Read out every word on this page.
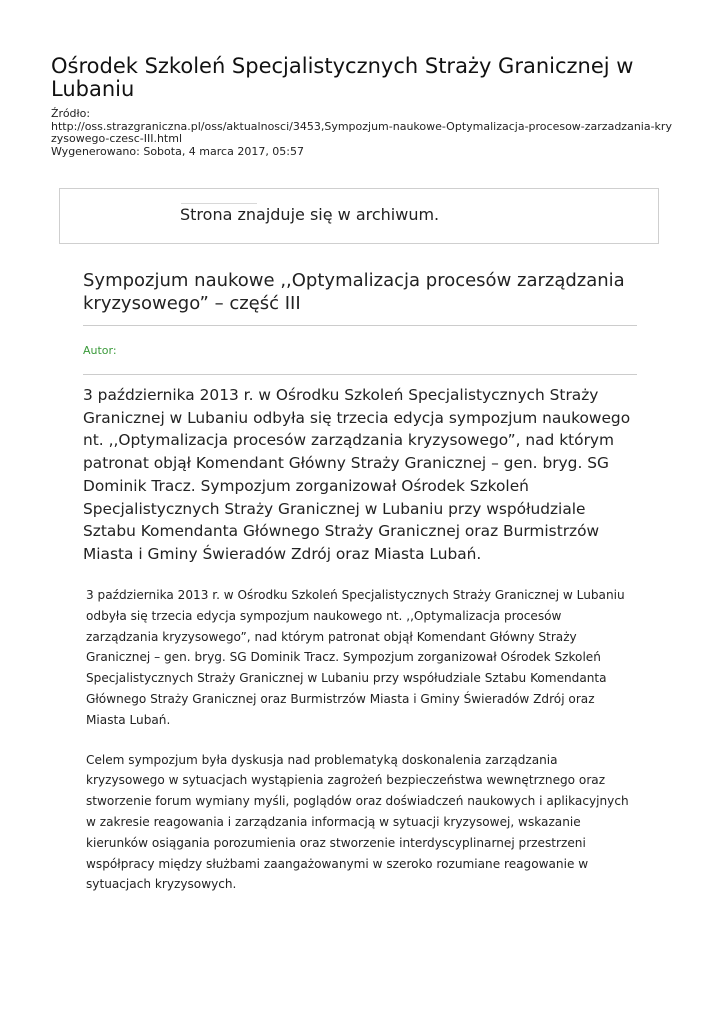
Ośrodek Szkoleń Specjalistycznych Straży Granicznej w Lubaniu
Źródło:
http://oss.strazgraniczna.pl/oss/aktualnosci/3453,Sympozjum-naukowe-Optymalizacja-procesow-zarzadzania-kryzysowego-czesc-III.html
Wygenerowano: Sobota, 4 marca 2017, 05:57
Strona znajduje się w archiwum.
Sympozjum naukowe ,,Optymalizacja procesów zarządzania kryzysowego” – część III
Autor:

3 października 2013 r. w Ośrodku Szkoleń Specjalistycznych Straży Granicznej w Lubaniu odbyła się trzecia edycja sympozjum naukowego nt. ,,Optymalizacja procesów zarządzania kryzysowego”, nad którym patronat objął Komendant Główny Straży Granicznej – gen. bryg. SG Dominik Tracz. Sympozjum zorganizował Ośrodek Szkoleń Specjalistycznych Straży Granicznej w Lubaniu przy współudziale Sztabu Komendanta Głównego Straży Granicznej oraz Burmistrzów Miasta i Gminy Świeradów Zdrój oraz Miasta Lubań.

3 października 2013 r. w Ośrodku Szkoleń Specjalistycznych Straży Granicznej w Lubaniu odbyła się trzecia edycja sympozjum naukowego nt. ,,Optymalizacja procesów zarządzania kryzysowego”, nad którym patronat objął Komendant Główny Straży Granicznej – gen. bryg. SG Dominik Tracz. Sympozjum zorganizował Ośrodek Szkoleń Specjalistycznych Straży Granicznej w Lubaniu przy współudziale Sztabu Komendanta Głównego Straży Granicznej oraz Burmistrzów Miasta i Gminy Świeradów Zdrój oraz Miasta Lubań.

Celem sympozjum była dyskusja nad problematyką doskonalenia zarządzania kryzysowego w sytuacjach wystąpienia zagrożeń bezpieczeństwa wewnętrznego oraz stworzenie forum wymiany myśli, poglądów oraz doświadczeń naukowych i aplikacyjnych w zakresie reagowania i zarządzania informacją w sytuacji kryzysowej, wskazanie kierunków osiągania porozumienia oraz stworzenie interdyscyplinarnej przestrzeni współpracy między służbami zaangażowanymi w szeroko rozumiane reagowanie w sytuacjach kryzysowych.
